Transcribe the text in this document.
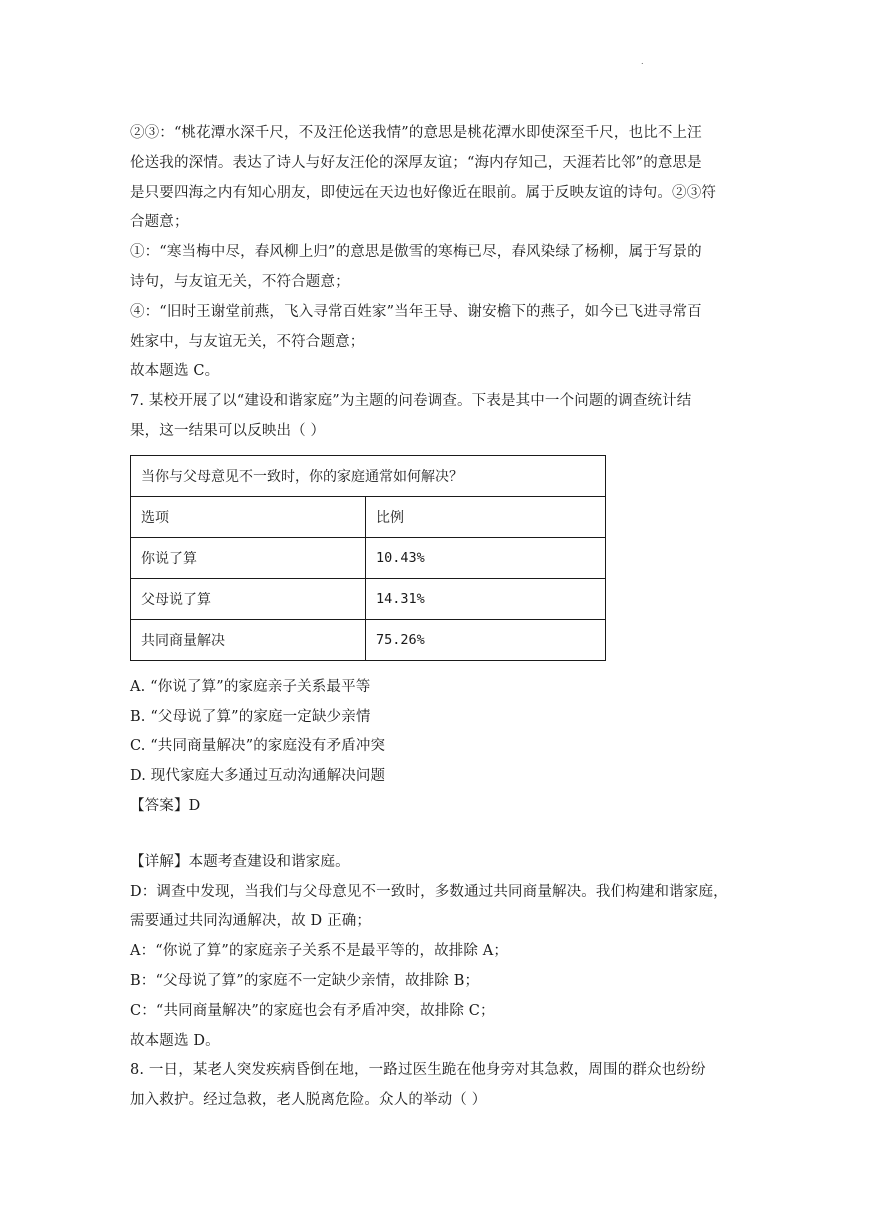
.

②③：“桃花潭水深千尺，不及汪伦送我情”的意思是桃花潭水即使深至千尺，也比不上汪

伦送我的深情。表达了诗人与好友汪伦的深厚友谊；“海内存知己，天涯若比邻”的意思是

是只要四海之内有知心朋友，即使远在天边也好像近在眼前。属于反映友谊的诗句。②③符

合题意；

①：“寒当梅中尽，春风柳上归”的意思是傲雪的寒梅已尽，春风染绿了杨柳，属于写景的

诗句，与友谊无关，不符合题意；

④：“旧时王谢堂前燕，飞入寻常百姓家”当年王导、谢安檐下的燕子，如今已飞进寻常百

姓家中，与友谊无关，不符合题意；

故本题选 C。

7. 某校开展了以“建设和谐家庭”为主题的问卷调查。下表是其中一个问题的调查统计结

果，这一结果可以反映出（ ）

当你与父母意见不一致时，你的家庭通常如何解决？	
选项	比例
你说了算	10.43%
父母说了算	14.31%
共同商量解决	75.26%

A. “你说了算”的家庭亲子关系最平等

B. “父母说了算”的家庭一定缺少亲情

C. “共同商量解决”的家庭没有矛盾冲突

D. 现代家庭大多通过互动沟通解决问题

【答案】D

【详解】本题考查建设和谐家庭。

D：调查中发现，当我们与父母意见不一致时，多数通过共同商量解决。我们构建和谐家庭，

需要通过共同沟通解决，故 D 正确；

A：“你说了算”的家庭亲子关系不是最平等的，故排除 A；

B：“父母说了算”的家庭不一定缺少亲情，故排除 B；

C：“共同商量解决”的家庭也会有矛盾冲突，故排除 C；

故本题选 D。

8. 一日，某老人突发疾病昏倒在地，一路过医生跪在他身旁对其急救，周围的群众也纷纷

加入救护。经过急救，老人脱离危险。众人的举动（ ）
